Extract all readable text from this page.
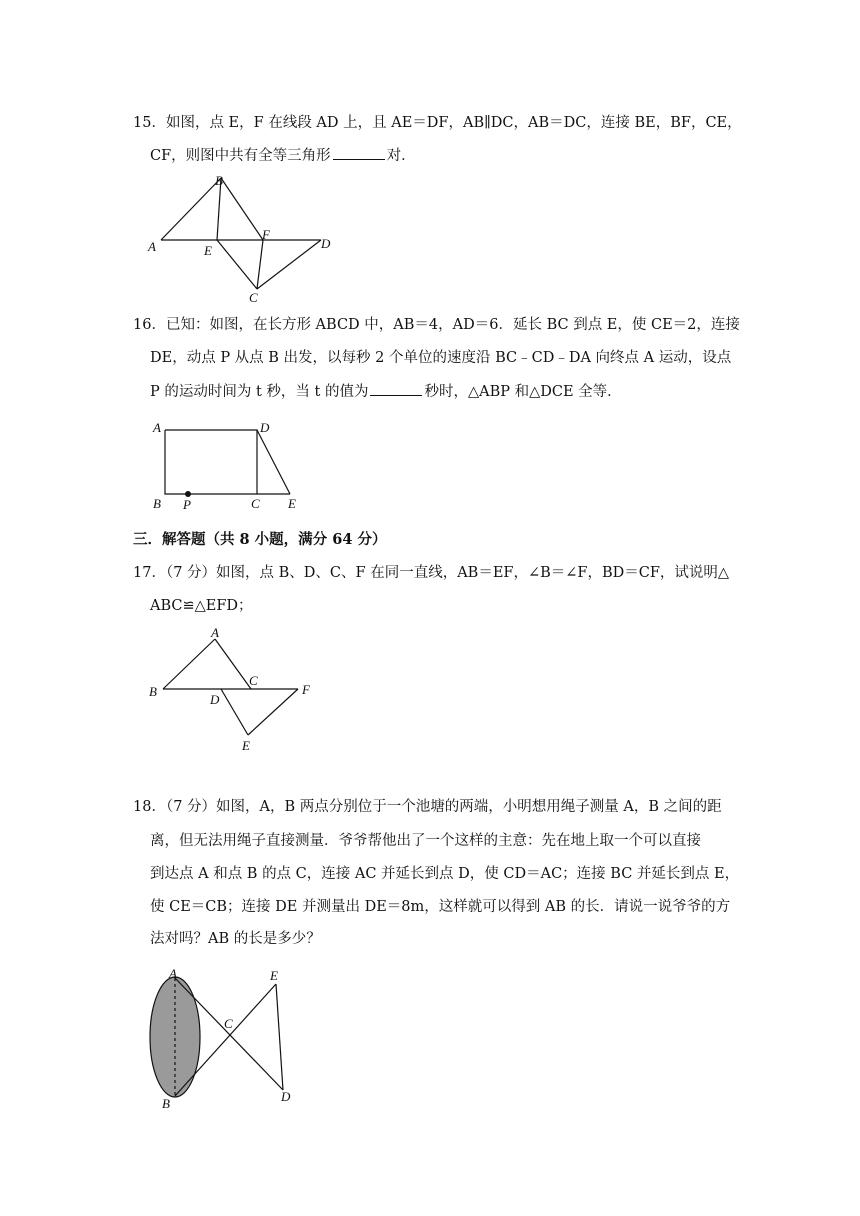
15．如图，点 E，F 在线段 AD 上，且 AE＝DF，AB∥DC，AB＝DC，连接 BE，BF，CE，
CF，则图中共有全等三角形	对．
A
B
C
D
E
F
16．已知：如图，在长方形 ABCD 中，AB＝4，AD＝6．延长 BC 到点 E，使 CE＝2，连接
DE，动点 P 从点 B 出发，以每秒 2 个单位的速度沿 BC﹣CD﹣DA 向终点 A 运动，设点
P 的运动时间为 t 秒，当 t 的值为	秒时，△ABP 和△DCE 全等．
A	D
B P	C E
三．解答题（共 8 小题，满分 64 分）
17．（7 分）如图，点 B、D、C、F 在同一直线，AB＝EF，∠B＝∠F，BD＝CF，试说明△
ABC≌△EFD；
A
B
C
D
E
F
18．（7 分）如图，A，B 两点分别位于一个池塘的两端，小明想用绳子测量 A，B 之间的距
离，但无法用绳子直接测量．爷爷帮他出了一个这样的主意：先在地上取一个可以直接
到达点 A 和点 B 的点 C，连接 AC 并延长到点 D，使 CD＝AC；连接 BC 并延长到点 E，
使 CE＝CB；连接 DE 并测量出 DE＝8m，这样就可以得到 AB 的长．请说一说爷爷的方
法对吗？AB 的长是多少？
A	E
C
B	D
